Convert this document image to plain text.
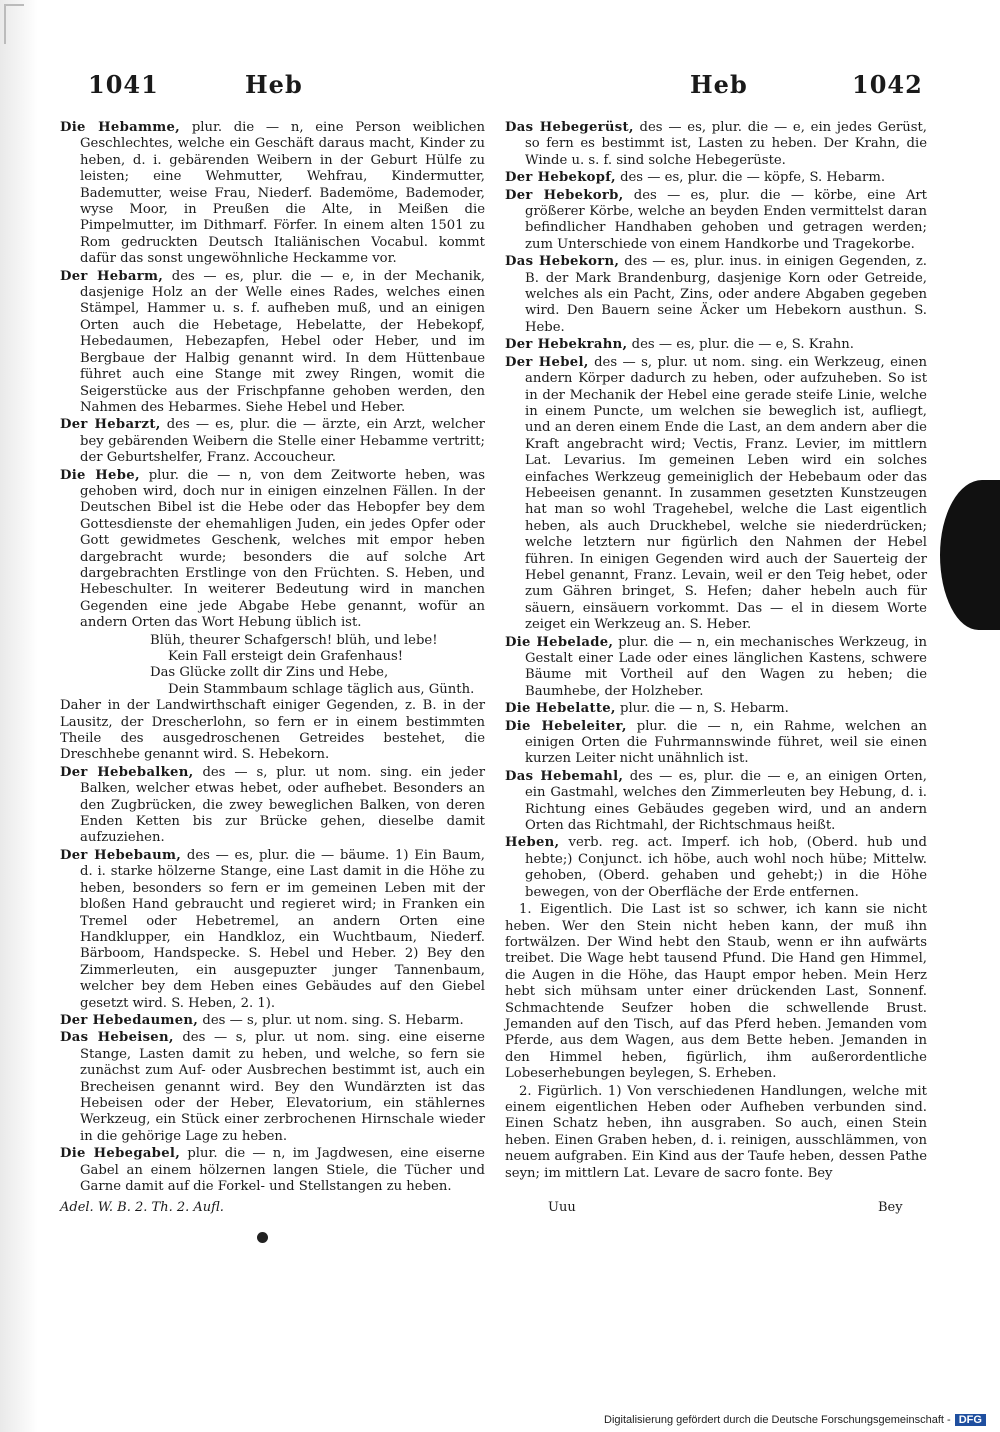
1041	Heb	Heb	1042

Die Hebamme, plur. die — n, eine Person weiblichen Geschlechtes, welche ein Geschäft daraus macht, Kinder zu heben, d. i. gebärenden Weibern in der Geburt Hülfe zu leisten; eine Wehmutter, Wehfrau, Kindermutter, Bademutter, weise Frau, Niederf. Bademöme, Bademoder, wyse Moor, in Preußen die Alte, in Meißen die Pimpelmutter, im Dithmarf. Förfer. In einem alten 1501 zu Rom gedruckten Deutsch Italiänischen Vocabul. kommt dafür das sonst ungewöhnliche Heckamme vor.

Der Hebarm, des — es, plur. die — e, in der Mechanik, dasjenige Holz an der Welle eines Rades, welches einen Stämpel, Hammer u. s. f. aufheben muß, und an einigen Orten auch die Hebetage, Hebelatte, der Hebekopf, Hebedaumen, Hebezapfen, Hebel oder Heber, und im Bergbaue der Halbig genannt wird. In dem Hüttenbaue führet auch eine Stange mit zwey Ringen, womit die Seigerstücke aus der Frischpfanne gehoben werden, den Nahmen des Hebarmes. Siehe Hebel und Heber.

Der Hebarzt, des — es, plur. die — ärzte, ein Arzt, welcher bey gebärenden Weibern die Stelle einer Hebamme vertritt; der Geburtshelfer, Franz. Accoucheur.

Die Hebe, plur. die — n, von dem Zeitworte heben, was gehoben wird, doch nur in einigen einzelnen Fällen. In der Deutschen Bibel ist die Hebe oder das Hebopfer bey dem Gottesdienste der ehemahligen Juden, ein jedes Opfer oder Gott gewidmetes Geschenk, welches mit empor heben dargebracht wurde; besonders die auf solche Art dargebrachten Erstlinge von den Früchten. S. Heben, und Hebeschulter. In weiterer Bedeutung wird in manchen Gegenden eine jede Abgabe Hebe genannt, wofür an andern Orten das Wort Hebung üblich ist.

Blüh, theurer Schafgersch! blüh, und lebe!

Kein Fall ersteigt dein Grafenhaus!

Das Glücke zollt dir Zins und Hebe,

Dein Stammbaum schlage täglich aus, Günth.

Daher in der Landwirthschaft einiger Gegenden, z. B. in der Lausitz, der Drescherlohn, so fern er in einem bestimmten Theile des ausgedroschenen Getreides bestehet, die Dreschhebe genannt wird. S. Hebekorn.

Der Hebebalken, des — s, plur. ut nom. sing. ein jeder Balken, welcher etwas hebet, oder aufhebet. Besonders an den Zugbrücken, die zwey beweglichen Balken, von deren Enden Ketten bis zur Brücke gehen, dieselbe damit aufzuziehen.

Der Hebebaum, des — es, plur. die — bäume. 1) Ein Baum, d. i. starke hölzerne Stange, eine Last damit in die Höhe zu heben, besonders so fern er im gemeinen Leben mit der bloßen Hand gebraucht und regieret wird; in Franken ein Tremel oder Hebetremel, an andern Orten eine Handklupper, ein Handkloz, ein Wuchtbaum, Niederf. Bärboom, Handspecke. S. Hebel und Heber. 2) Bey den Zimmerleuten, ein ausgepuzter junger Tannenbaum, welcher bey dem Heben eines Gebäudes auf den Giebel gesetzt wird. S. Heben, 2. 1).

Der Hebedaumen, des — s, plur. ut nom. sing. S. Hebarm.

Das Hebeisen, des — s, plur. ut nom. sing. eine eiserne Stange, Lasten damit zu heben, und welche, so fern sie zunächst zum Auf- oder Ausbrechen bestimmt ist, auch ein Brecheisen genannt wird. Bey den Wundärzten ist das Hebeisen oder der Heber, Elevatorium, ein stählernes Werkzeug, ein Stück einer zerbrochenen Hirnschale wieder in die gehörige Lage zu heben.

Die Hebegabel, plur. die — n, im Jagdwesen, eine eiserne Gabel an einem hölzernen langen Stiele, die Tücher und Garne damit auf die Forkel- und Stellstangen zu heben.

Das Hebegerüst, des — es, plur. die — e, ein jedes Gerüst, so fern es bestimmt ist, Lasten zu heben. Der Krahn, die Winde u. s. f. sind solche Hebegerüste.

Der Hebekopf, des — es, plur. die — köpfe, S. Hebarm.

Der Hebekorb, des — es, plur. die — körbe, eine Art größerer Körbe, welche an beyden Enden vermittelst daran befindlicher Handhaben gehoben und getragen werden; zum Unterschiede von einem Handkorbe und Tragekorbe.

Das Hebekorn, des — es, plur. inus. in einigen Gegenden, z. B. der Mark Brandenburg, dasjenige Korn oder Getreide, welches als ein Pacht, Zins, oder andere Abgaben gegeben wird. Den Bauern seine Äcker um Hebekorn austhun. S. Hebe.

Der Hebekrahn, des — es, plur. die — e, S. Krahn.

Der Hebel, des — s, plur. ut nom. sing. ein Werkzeug, einen andern Körper dadurch zu heben, oder aufzuheben. So ist in der Mechanik der Hebel eine gerade steife Linie, welche in einem Puncte, um welchen sie beweglich ist, aufliegt, und an deren einem Ende die Last, an dem andern aber die Kraft angebracht wird; Vectis, Franz. Levier, im mittlern Lat. Levarius. Im gemeinen Leben wird ein solches einfaches Werkzeug gemeiniglich der Hebebaum oder das Hebeeisen genannt. In zusammen gesetzten Kunstzeugen hat man so wohl Tragehebel, welche die Last eigentlich heben, als auch Druckhebel, welche sie niederdrücken; welche letztern nur figürlich den Nahmen der Hebel führen. In einigen Gegenden wird auch der Sauerteig der Hebel genannt, Franz. Levain, weil er den Teig hebet, oder zum Gähren bringet, S. Hefen; daher hebeln auch für säuern, einsäuern vorkommt. Das — el in diesem Worte zeiget ein Werkzeug an. S. Heber.

Die Hebelade, plur. die — n, ein mechanisches Werkzeug, in Gestalt einer Lade oder eines länglichen Kastens, schwere Bäume mit Vortheil auf den Wagen zu heben; die Baumhebe, der Holzheber.

Die Hebelatte, plur. die — n, S. Hebarm.

Die Hebeleiter, plur. die — n, ein Rahme, welchen an einigen Orten die Fuhrmannswinde führet, weil sie einen kurzen Leiter nicht unähnlich ist.

Das Hebemahl, des — es, plur. die — e, an einigen Orten, ein Gastmahl, welches den Zimmerleuten bey Hebung, d. i. Richtung eines Gebäudes gegeben wird, und an andern Orten das Richtmahl, der Richtschmaus heißt.

Heben, verb. reg. act. Imperf. ich hob, (Oberd. hub und hebte;) Conjunct. ich höbe, auch wohl noch hübe; Mittelw. gehoben, (Oberd. gehaben und gehebt;) in die Höhe bewegen, von der Oberfläche der Erde entfernen.

1. Eigentlich. Die Last ist so schwer, ich kann sie nicht heben. Wer den Stein nicht heben kann, der muß ihn fortwälzen. Der Wind hebt den Staub, wenn er ihn aufwärts treibet. Die Wage hebt tausend Pfund. Die Hand gen Himmel, die Augen in die Höhe, das Haupt empor heben. Mein Herz hebt sich mühsam unter einer drückenden Last, Sonnenf. Schmachtende Seufzer hoben die schwellende Brust. Jemanden auf den Tisch, auf das Pferd heben. Jemanden vom Pferde, aus dem Wagen, aus dem Bette heben. Jemanden in den Himmel heben, figürlich, ihm außerordentliche Lobeserhebungen beylegen, S. Erheben.

2. Figürlich. 1) Von verschiedenen Handlungen, welche mit einem eigentlichen Heben oder Aufheben verbunden sind. Einen Schatz heben, ihn ausgraben. So auch, einen Stein heben. Einen Graben heben, d. i. reinigen, ausschlämmen, von neuem aufgraben. Ein Kind aus der Taufe heben, dessen Pathe seyn; im mittlern Lat. Levare de sacro fonte. Bey

Adel. W. B. 2. Th. 2. Aufl.	Uuu	Bey
Digitalisierung gefördert durch die Deutsche Forschungsgemeinschaft - DFG
